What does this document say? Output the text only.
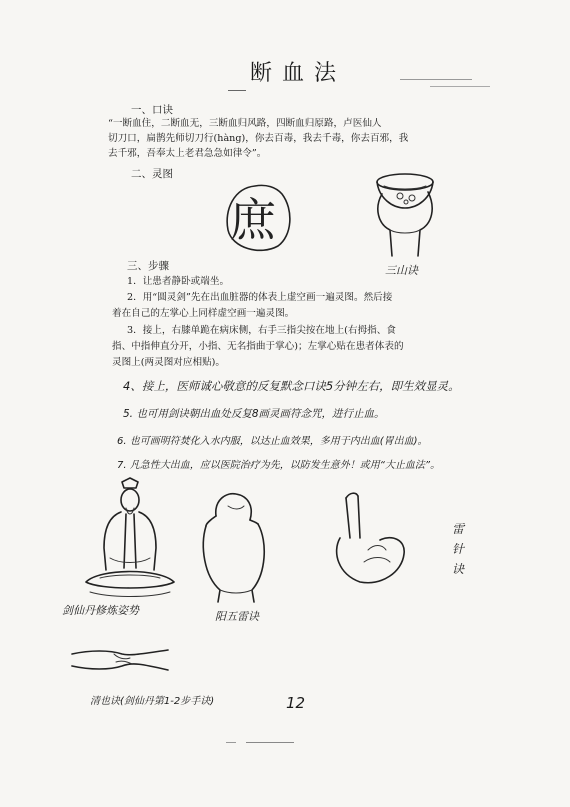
断血法
一、口诀
“一断血住，二断血无，三断血归风路，四断血归原路，卢医仙人
切刀口，扁鹊先师切刀行(hàng)，你去百毒，我去千毒，你去百邪，我
去千邪，吾奉太上老君急急如律令”。
二、灵图
庶
三山诀
三、步骤
1．让患者静卧或端坐。
2．用“圆灵剑”先在出血脏器的体表上虚空画一遍灵图。然后接
着在自己的左掌心上同样虚空画一遍灵图。
3．接上，右膝单跪在病床侧，右手三指尖按在地上(右拇指、食
指、中指伸直分开，小指、无名指曲于掌心)；左掌心贴在患者体表的
灵图上(两灵图对应相贴)。
4、接上，医师诚心敬意的反复默念口诀5分钟左右，即生效显灵。
5. 也可用剑诀朝出血处反复8画灵画符念咒，进行止血。
6. 也可画明符焚化入水内服，以达止血效果，多用于内出血(胃出血)。
7. 凡急性大出血，应以医院治疗为先，以防发生意外！或用“大止血法”。
剑仙丹修炼姿势	阳五雷诀
雷
针
诀
清也诀(剑仙丹第1-2步手诀)	12
